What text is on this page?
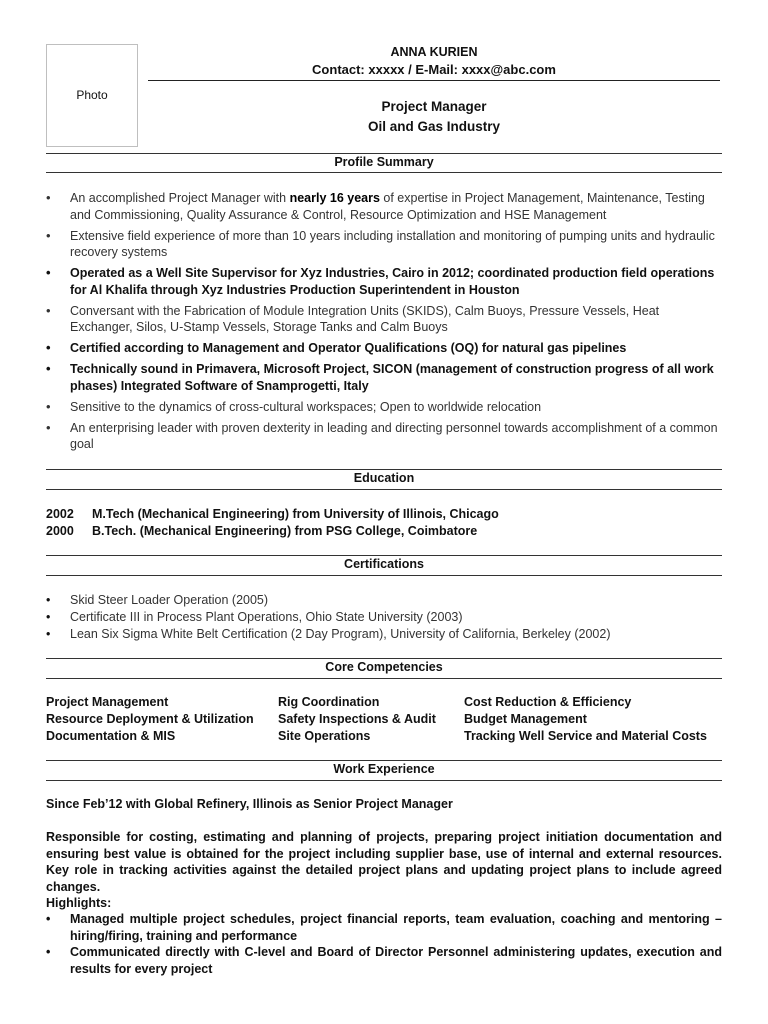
Photo
ANNA KURIEN
Contact: xxxxx / E-Mail: xxxx@abc.com
Project Manager
Oil and Gas Industry
Profile Summary
• An accomplished Project Manager with nearly 16 years of expertise in Project Management, Maintenance, Testing and Commissioning, Quality Assurance & Control, Resource Optimization and HSE Management
• Extensive field experience of more than 10 years including installation and monitoring of pumping units and hydraulic recovery systems
• Operated as a Well Site Supervisor for Xyz Industries, Cairo in 2012; coordinated production field operations for Al Khalifa through Xyz Industries Production Superintendent in Houston
• Conversant with the Fabrication of Module Integration Units (SKIDS), Calm Buoys, Pressure Vessels, Heat Exchanger, Silos, U-Stamp Vessels, Storage Tanks and Calm Buoys
• Certified according to Management and Operator Qualifications (OQ) for natural gas pipelines
• Technically sound in Primavera, Microsoft Project, SICON (management of construction progress of all work phases) Integrated Software of Snamprogetti, Italy
• Sensitive to the dynamics of cross-cultural workspaces; Open to worldwide relocation
• An enterprising leader with proven dexterity in leading and directing personnel towards accomplishment of a common goal
Education
2002	M.Tech (Mechanical Engineering) from University of Illinois, Chicago
2000	B.Tech. (Mechanical Engineering) from PSG College, Coimbatore
Certifications
• Skid Steer Loader Operation (2005)
• Certificate III in Process Plant Operations, Ohio State University (2003)
• Lean Six Sigma White Belt Certification (2 Day Program), University of California, Berkeley (2002)
Core Competencies
Project Management
Resource Deployment & Utilization
Documentation & MIS
Rig Coordination
Safety Inspections & Audit
Site Operations
Cost Reduction & Efficiency
Budget Management
Tracking Well Service and Material Costs
Work Experience
Since Feb’12 with Global Refinery, Illinois as Senior Project Manager
Responsible for costing, estimating and planning of projects, preparing project initiation documentation and ensuring best value is obtained for the project including supplier base, use of internal and external resources. Key role in tracking activities against the detailed project plans and updating project plans to include agreed changes.
Highlights:
• Managed multiple project schedules, project financial reports, team evaluation, coaching and mentoring – hiring/firing, training and performance
• Communicated directly with C-level and Board of Director Personnel administering updates, execution and results for every project
